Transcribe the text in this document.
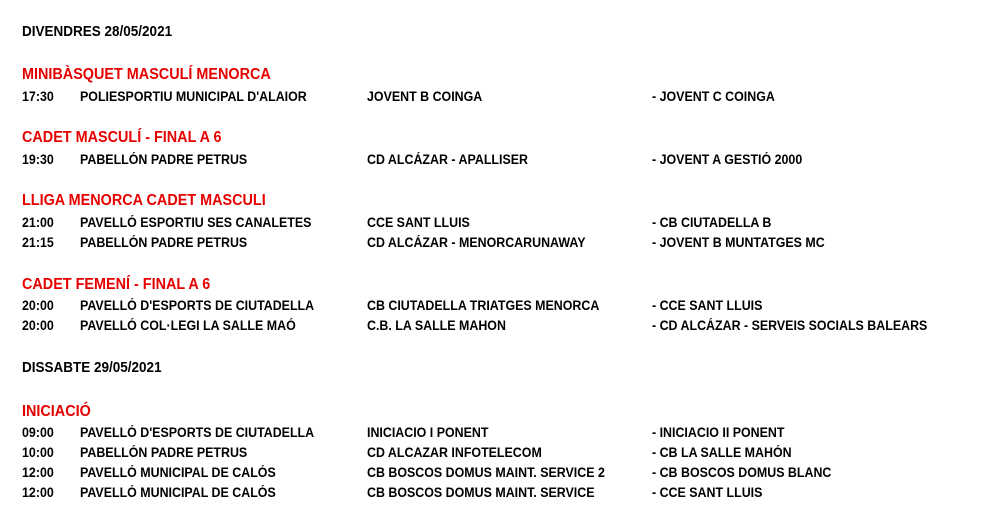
DIVENDRES 28/05/2021
MINIBÀSQUET MASCULÍ MENORCA
17:30 POLIESPORTIU MUNICIPAL D'ALAIOR	JOVENT B COINGA	- JOVENT C COINGA
CADET MASCULÍ - FINAL A 6
19:30 PABELLÓN PADRE PETRUS	CD ALCÁZAR - APALLISER	- JOVENT A GESTIÓ 2000
LLIGA MENORCA CADET MASCULI
21:00 PAVELLÓ ESPORTIU SES CANALETES	CCE SANT LLUIS	- CB CIUTADELLA B
21:15 PABELLÓN PADRE PETRUS	CD ALCÁZAR - MENORCARUNAWAY	- JOVENT B MUNTATGES MC
CADET FEMENÍ - FINAL A 6
20:00 PAVELLÓ D'ESPORTS DE CIUTADELLA	CB CIUTADELLA TRIATGES MENORCA	- CCE SANT LLUIS
20:00 PAVELLÓ COL·LEGI LA SALLE MAÓ	C.B. LA SALLE MAHON	- CD ALCÁZAR - SERVEIS SOCIALS BALEARS
DISSABTE 29/05/2021
INICIACIÓ
09:00 PAVELLÓ D'ESPORTS DE CIUTADELLA	INICIACIO I PONENT	- INICIACIO II PONENT
10:00 PABELLÓN PADRE PETRUS	CD ALCAZAR INFOTELECOM	- CB LA SALLE MAHÓN
12:00 PAVELLÓ MUNICIPAL DE CALÓS	CB BOSCOS DOMUS MAINT. SERVICE 2	- CB BOSCOS DOMUS BLANC
12:00 PAVELLÓ MUNICIPAL DE CALÓS	CB BOSCOS DOMUS MAINT. SERVICE	- CCE SANT LLUIS
